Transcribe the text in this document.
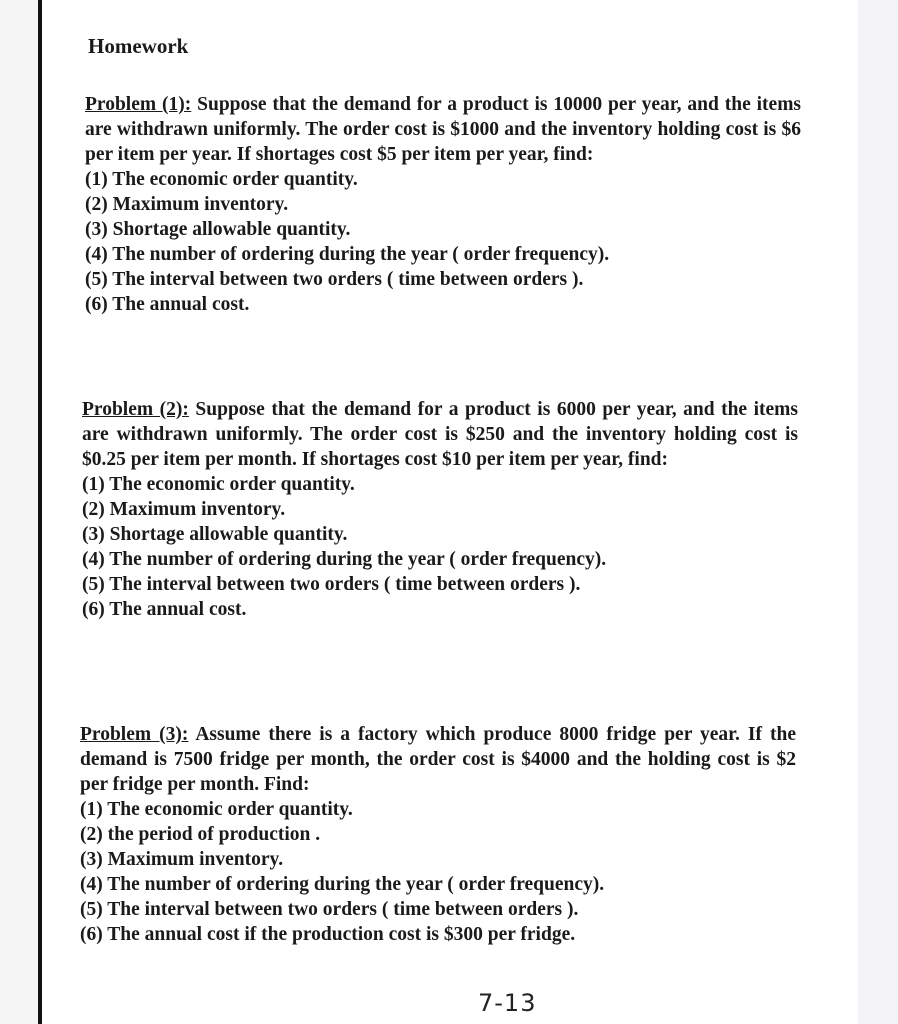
Homework

Problem (1): Suppose that the demand for a product is 10000 per year, and the items are withdrawn uniformly. The order cost is $1000 and the inventory holding cost is $6 per item per year. If shortages cost $5 per item per year, find:

(1) The economic order quantity.
(2) Maximum inventory.
(3) Shortage allowable quantity.
(4) The number of ordering during the year ( order frequency).
(5) The interval between two orders ( time between orders ).
(6) The annual cost.

Problem (2): Suppose that the demand for a product is 6000 per year, and the items are withdrawn uniformly. The order cost is $250 and the inventory holding cost is $0.25 per item per month. If shortages cost $10 per item per year, find:

(1) The economic order quantity.
(2) Maximum inventory.
(3) Shortage allowable quantity.
(4) The number of ordering during the year ( order frequency).
(5) The interval between two orders ( time between orders ).
(6) The annual cost.

Problem (3): Assume there is a factory which produce 8000 fridge per year. If the demand is 7500 fridge per month, the order cost is $4000 and the holding cost is $2 per fridge per month. Find:

(1) The economic order quantity.
(2) the period of production .
(3) Maximum inventory.
(4) The number of ordering during the year ( order frequency).
(5) The interval between two orders ( time between orders ).
(6) The annual cost if the production cost is $300 per fridge.
7-13
